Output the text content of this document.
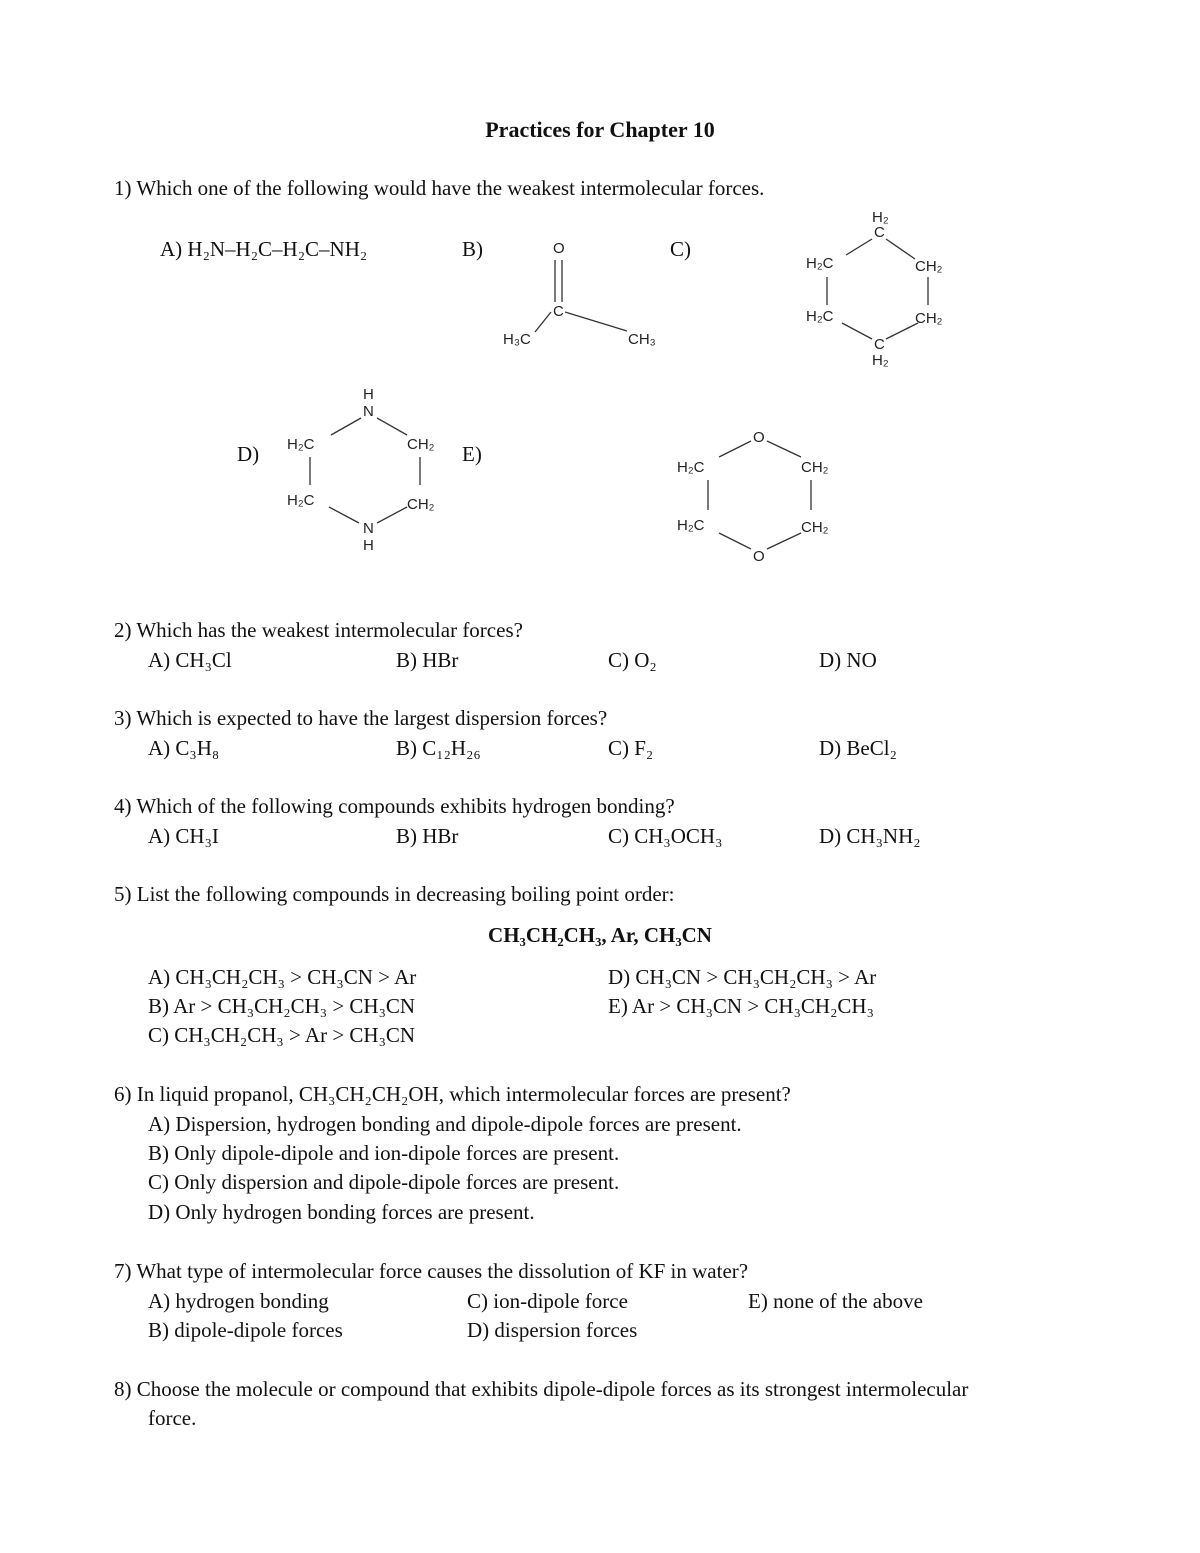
Practices for Chapter 10
1) Which one of the following would have the weakest intermolecular forces.
A) H₂N–H₂C–H₂C–NH₂	B)	C)
D)	E)
O
C
H₃C	CH₃
H₂
C
H₂C	CH₂
H₂C	CH₂
C
H₂
H
N
H₂C	CH₂
H₂C	CH₂
N
H
O
H₂C	CH₂
H₂C	CH₂
O
2) Which has the weakest intermolecular forces?
A) CH₃Cl	B) HBr	C) O₂	D) NO
3) Which is expected to have the largest dispersion forces?
A) C₃H₈	B) C₁₂H₂₆	C) F₂	D) BeCl₂
4) Which of the following compounds exhibits hydrogen bonding?
A) CH₃I	B) HBr	C) CH₃OCH₃	D) CH₃NH₂
5) List the following compounds in decreasing boiling point order:
CH₃CH₂CH₃, Ar, CH₃CN
A) CH₃CH₂CH₃ > CH₃CN > Ar
B) Ar > CH₃CH₂CH₃ > CH₃CN
C) CH₃CH₂CH₃ > Ar > CH₃CN
D) CH₃CN > CH₃CH₂CH₃ > Ar
E) Ar > CH₃CN > CH₃CH₂CH₃
6) In liquid propanol, CH₃CH₂CH₂OH, which intermolecular forces are present?
A) Dispersion, hydrogen bonding and dipole-dipole forces are present.
B) Only dipole-dipole and ion-dipole forces are present.
C) Only dispersion and dipole-dipole forces are present.
D) Only hydrogen bonding forces are present.
7) What type of intermolecular force causes the dissolution of KF in water?
A) hydrogen bonding
B) dipole-dipole forces
C) ion-dipole force
D) dispersion forces
E) none of the above
8) Choose the molecule or compound that exhibits dipole-dipole forces as its strongest intermolecular
force.
